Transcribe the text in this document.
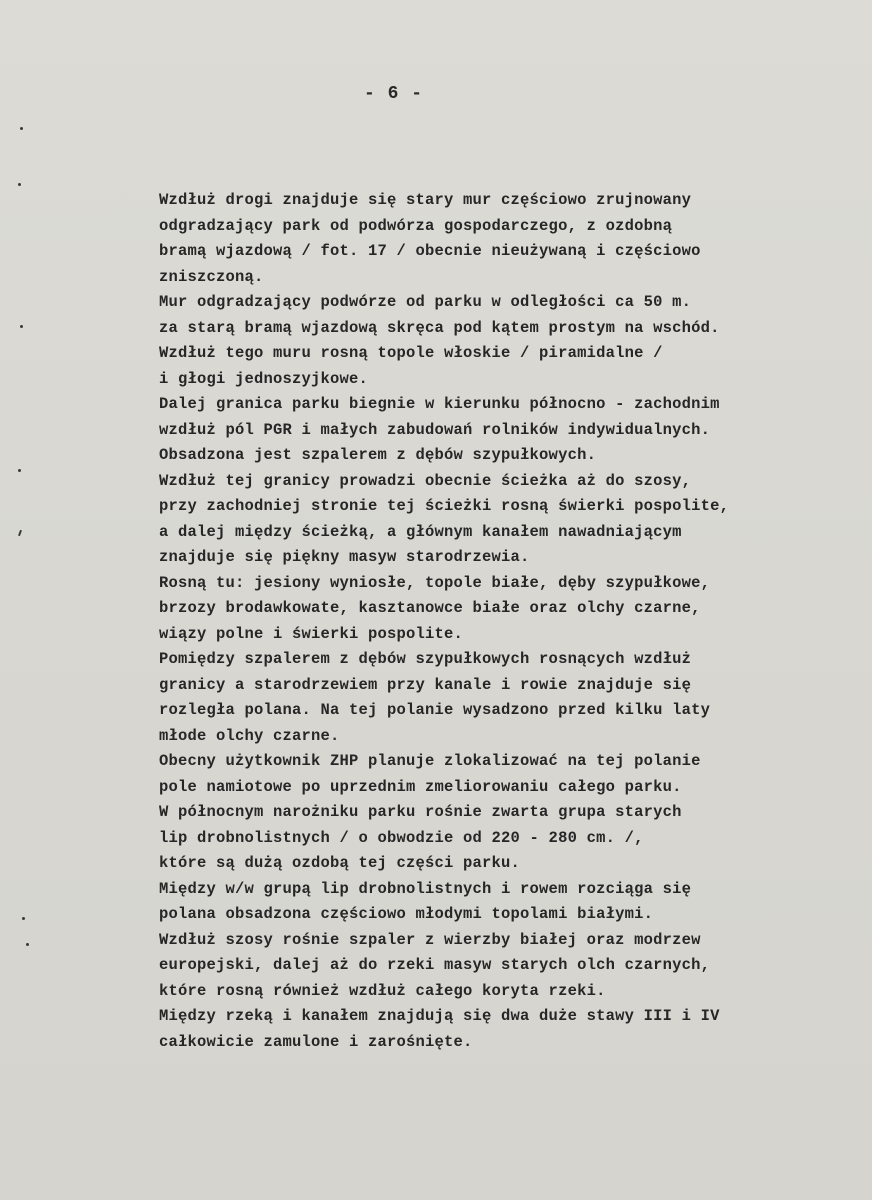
- 6 -
Wzdłuż drogi znajduje się stary mur częściowo zrujnowany
odgradzający park od podwórza gospodarczego, z ozdobną
bramą wjazdową / fot. 17 / obecnie nieużywaną i częściowo
zniszczoną.
Mur odgradzający podwórze od parku w odległości ca 50 m.
za starą bramą wjazdową skręca pod kątem prostym na wschód.
Wzdłuż tego muru rosną topole włoskie / piramidalne /
i głogi jednoszyjkowe.
Dalej granica parku biegnie w kierunku północno - zachodnim
wzdłuż pól PGR i małych zabudowań rolników indywidualnych.
Obsadzona jest szpalerem z dębów szypułkowych.
Wzdłuż tej granicy prowadzi obecnie ścieżka aż do szosy,
przy zachodniej stronie tej ścieżki rosną świerki pospolite,
a dalej między ścieżką, a głównym kanałem nawadniającym
znajduje się piękny masyw starodrzewia.
Rosną tu: jesiony wyniosłe, topole białe, dęby szypułkowe,
brzozy brodawkowate, kasztanowce białe oraz olchy czarne,
wiązy polne i świerki pospolite.
Pomiędzy szpalerem z dębów szypułkowych rosnących wzdłuż
granicy a starodrzewiem przy kanale i rowie znajduje się
rozległa polana. Na tej polanie wysadzono przed kilku laty
młode olchy czarne.
Obecny użytkownik ZHP planuje zlokalizować na tej polanie
pole namiotowe po uprzednim zmeliorowaniu całego parku.
W północnym narożniku parku rośnie zwarta grupa starych
lip drobnolistnych / o obwodzie od 220 - 280 cm. /,
które są dużą ozdobą tej części parku.
Między w/w grupą lip drobnolistnych i rowem rozciąga się
polana obsadzona częściowo młodymi topolami białymi.
Wzdłuż szosy rośnie szpaler z wierzby białej oraz modrzew
europejski, dalej aż do rzeki masyw starych olch czarnych,
które rosną również wzdłuż całego koryta rzeki.
Między rzeką i kanałem znajdują się dwa duże stawy III i IV
całkowicie zamulone i zarośnięte.
